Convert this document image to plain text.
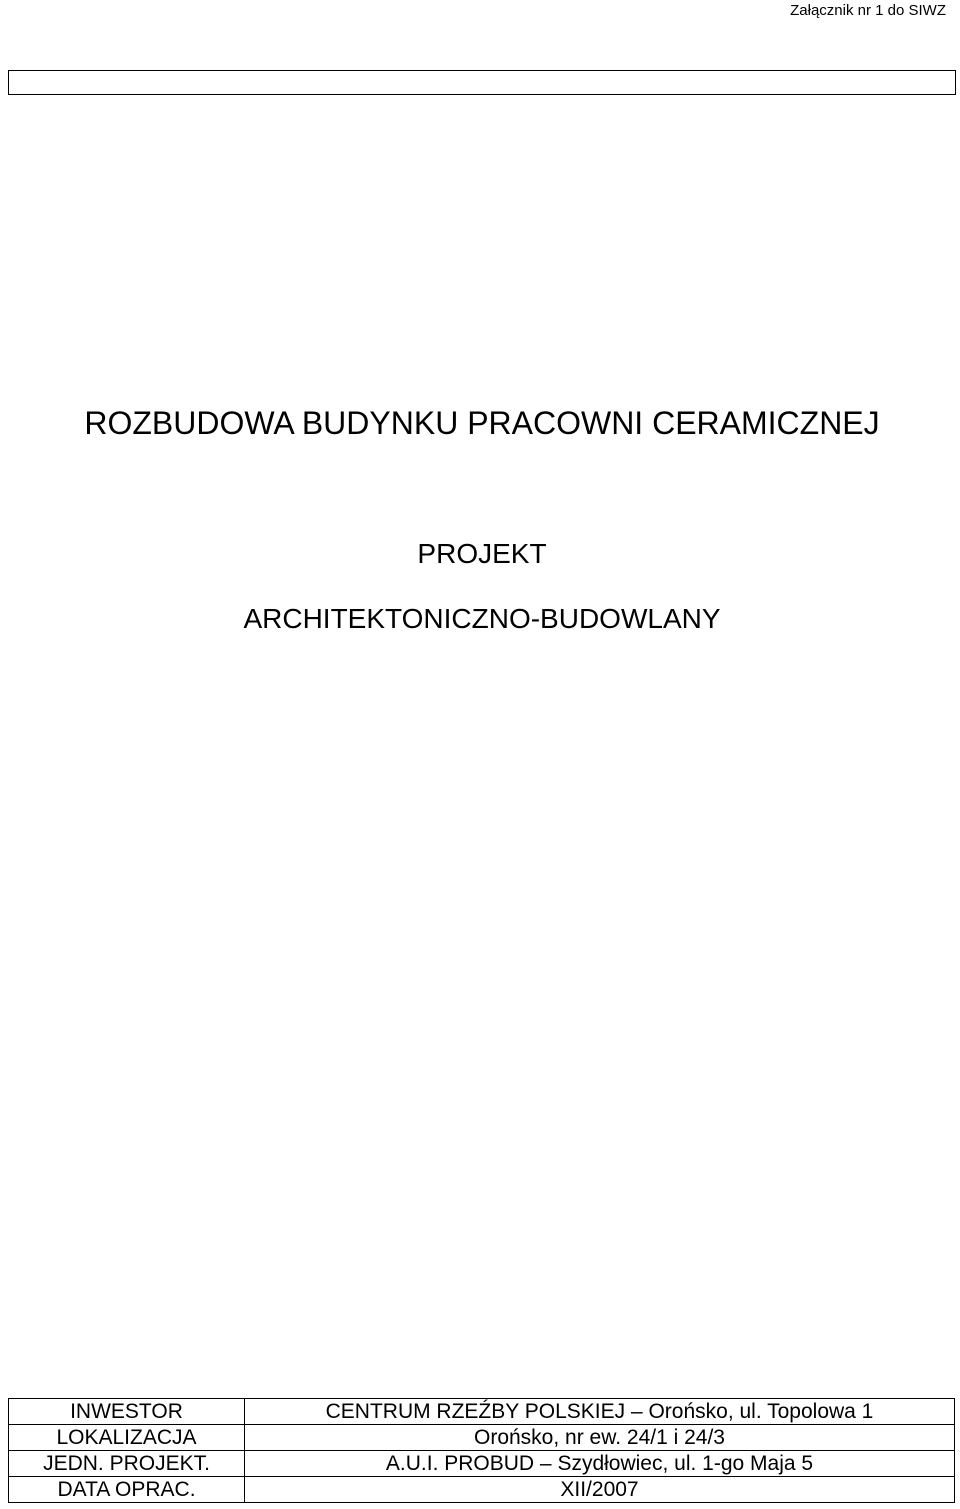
Załącznik nr 1 do SIWZ
ROZBUDOWA BUDYNKU PRACOWNI CERAMICZNEJ
PROJEKT
ARCHITEKTONICZNO-BUDOWLANY
INWESTOR	CENTRUM RZEŹBY POLSKIEJ – Orońsko, ul. Topolowa 1
LOKALIZACJA	Orońsko, nr ew. 24/1 i 24/3
JEDN. PROJEKT.	A.U.I. PROBUD – Szydłowiec, ul. 1-go Maja 5
DATA OPRAC.	XII/2007
